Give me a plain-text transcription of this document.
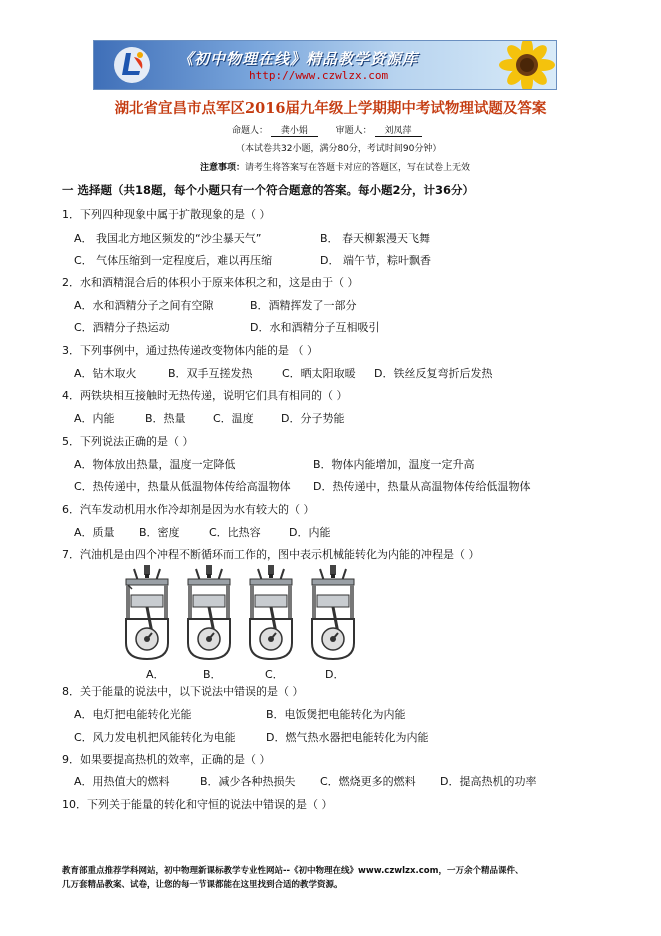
《初中物理在线》精品教学资源库
http://www.czwlzx.com
湖北省宜昌市点军区2016届九年级上学期期中考试物理试题及答案
命题人： 龚小娟	审题人： 刘凤萍
（本试卷共32小题，满分80分，考试时间90分钟）
注意事项：请考生将答案写在答题卡对应的答题区，写在试卷上无效
一 选择题（共18题，每个小题只有一个符合题意的答案。每小题2分，计36分）
1．下列四种现象中属于扩散现象的是（ ）
A． 我国北方地区频发的“沙尘暴天气”	B． 春天柳絮漫天飞舞
C． 气体压缩到一定程度后，难以再压缩	D． 端午节，粽叶飘香
2．水和酒精混合后的体积小于原来体积之和，这是由于（ ）
A．水和酒精分子之间有空隙	B．酒精挥发了一部分
C．酒精分子热运动	D．水和酒精分子互相吸引
3．下列事例中，通过热传递改变物体内能的是 （ ）
A．钻木取火	B．双手互搓发热	C．晒太阳取暖 D．铁丝反复弯折后发热
4．两铁块相互接触时无热传递，说明它们具有相同的（ ）
A．内能	B．热量 C．温度 D．分子势能
5．下列说法正确的是（ ）
A．物体放出热量，温度一定降低	B．物体内能增加，温度一定升高
C．热传递中，热量从低温物体传给高温物体 D．热传递中，热量从高温物体传给低温物体
6．汽车发动机用水作冷却剂是因为水有较大的（ ）
A．质量 B．密度	C．比热容	D．内能
7．汽油机是由四个冲程不断循环而工作的，图中表示机械能转化为内能的冲程是（ ）
A．	B．	C．	D．
8．关于能量的说法中，以下说法中错误的是（ ）
A．电灯把电能转化光能	B．电饭煲把电能转化为内能
C．风力发电机把风能转化为电能	D．燃气热水器把电能转化为内能
9．如果要提高热机的效率，正确的是（ ）
A．用热值大的燃料	B．减少各种热损失 C．燃烧更多的燃料 D．提高热机的功率
10．下列关于能量的转化和守恒的说法中错误的是（ ）
教育部重点推荐学科网站，初中物理新课标教学专业性网站--《初中物理在线》www.czwlzx.com，一万余个精品课件、
几万套精品教案、试卷，让您的每一节课都能在这里找到合适的教学资源。
